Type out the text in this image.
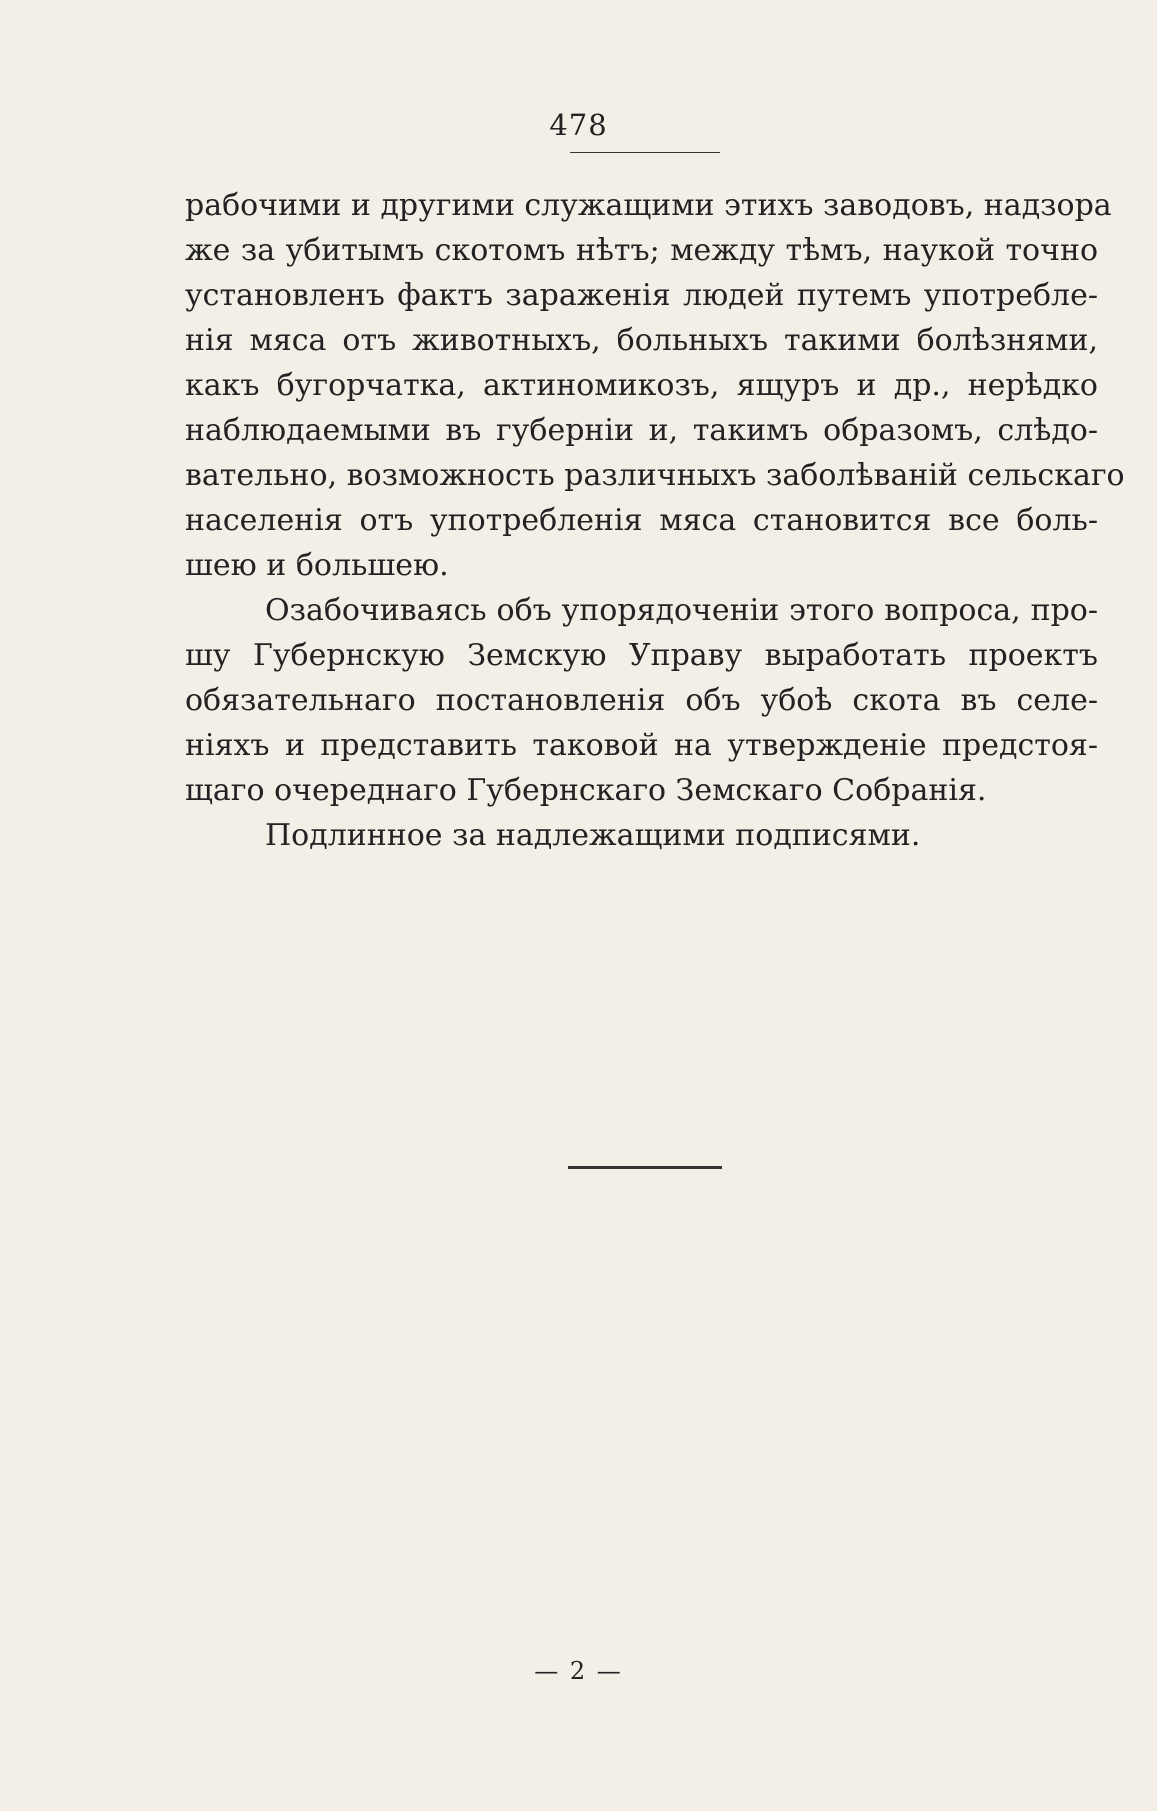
478
рабочими и другими служащими этихъ заводовъ, надзора
же за убитымъ скотомъ нѣтъ; между тѣмъ, наукой точно
установленъ фактъ зараженія людей путемъ употребле-
нія мяса отъ животныхъ, больныхъ такими болѣзнями,
какъ бугорчатка, актиномикозъ, ящуръ и др., нерѣдко
наблюдаемыми въ губерніи и, такимъ образомъ, слѣдо-
вательно, возможность различныхъ заболѣваній сельскаго
населенія отъ употребленія мяса становится все боль-
шею и большею.
Озабочиваясь объ упорядоченіи этого вопроса, про-
шу Губернскую Земскую Управу выработать проектъ
обязательнаго постановленія объ убоѣ скота въ селе-
ніяхъ и представить таковой на утвержденіе предстоя-
щаго очереднаго Губернскаго Земскаго Собранія.
Подлинное за надлежащими подписями.
— 2 —
